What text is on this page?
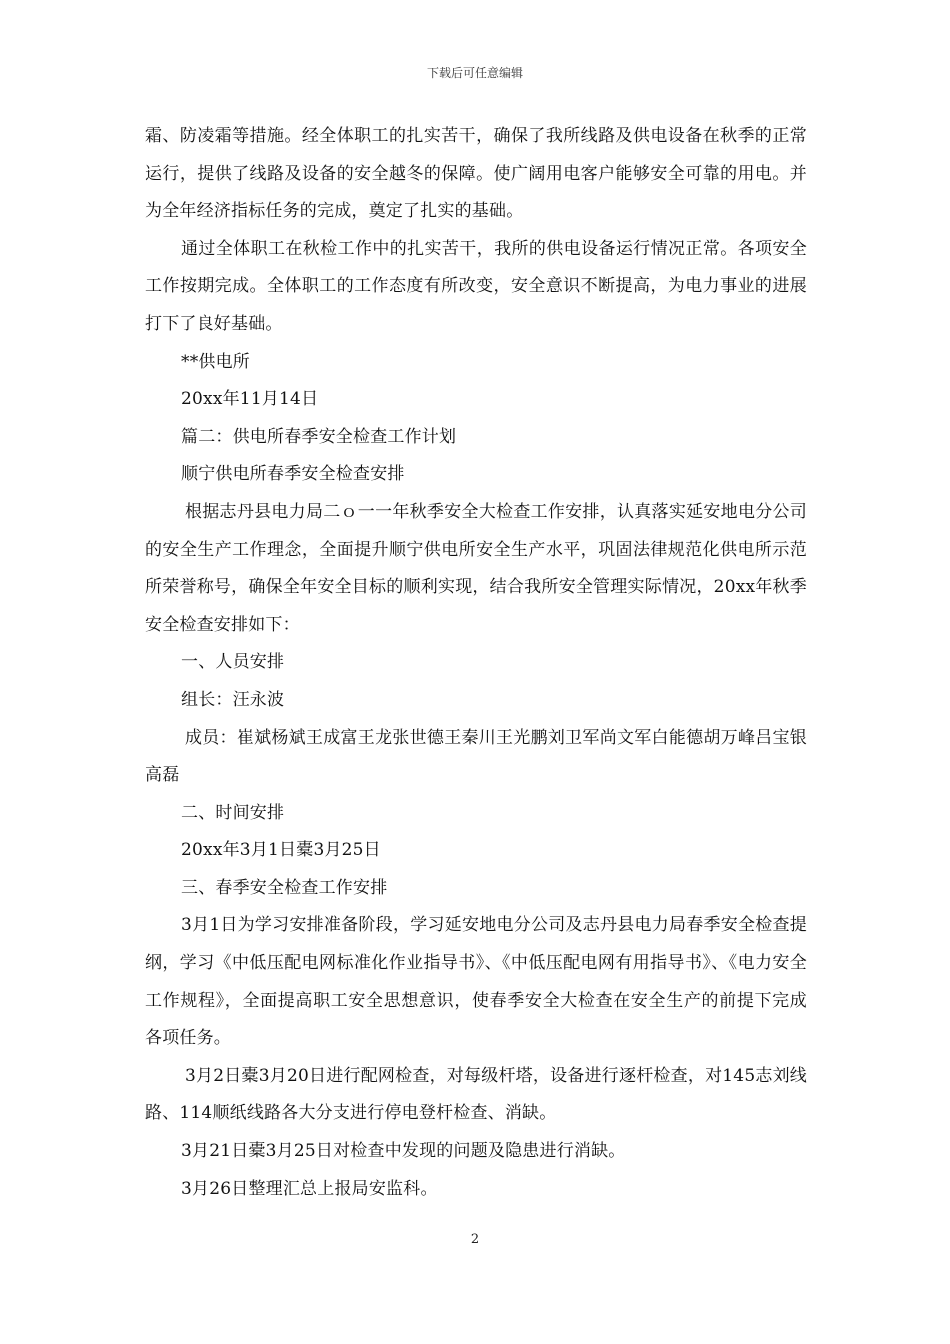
下载后可任意编辑

霜、防凌霜等措施。经全体职工的扎实苦干，确保了我所线路及供电设备在秋季的正常运行，提供了线路及设备的安全越冬的保障。使广阔用电客户能够安全可靠的用电。并为全年经济指标任务的完成，奠定了扎实的基础。

通过全体职工在秋检工作中的扎实苦干，我所的供电设备运行情况正常。各项安全工作按期完成。全体职工的工作态度有所改变，安全意识不断提高，为电力事业的进展打下了良好基础。

**供电所

20xx年11月14日

篇二：供电所春季安全检查工作计划

顺宁供电所春季安全检查安排

根据志丹县电力局二ｏ一一年秋季安全大检查工作安排，认真落实延安地电分公司的安全生产工作理念，全面提升顺宁供电所安全生产水平，巩固法律规范化供电所示范所荣誉称号，确保全年安全目标的顺利实现，结合我所安全管理实际情况，20xx年秋季安全检查安排如下：

一、人员安排

组长：汪永波

成员：崔斌杨斌王成富王龙张世德王秦川王光鹏刘卫军尚文军白能德胡万峰吕宝银高磊

二、时间安排

20xx年3月1日橐3月25日

三、春季安全检查工作安排

3月1日为学习安排准备阶段，学习延安地电分公司及志丹县电力局春季安全检查提纲，学习《中低压配电网标准化作业指导书》、《中低压配电网有用指导书》、《电力安全工作规程》，全面提高职工安全思想意识，使春季安全大检查在安全生产的前提下完成各项任务。

3月2日橐3月20日进行配网检查，对每级杆塔，设备进行逐杆检查，对145志刘线路、114顺纸线路各大分支进行停电登杆检查、消缺。

3月21日橐3月25日对检查中发现的问题及隐患进行消缺。

3月26日整理汇总上报局安监科。

2
